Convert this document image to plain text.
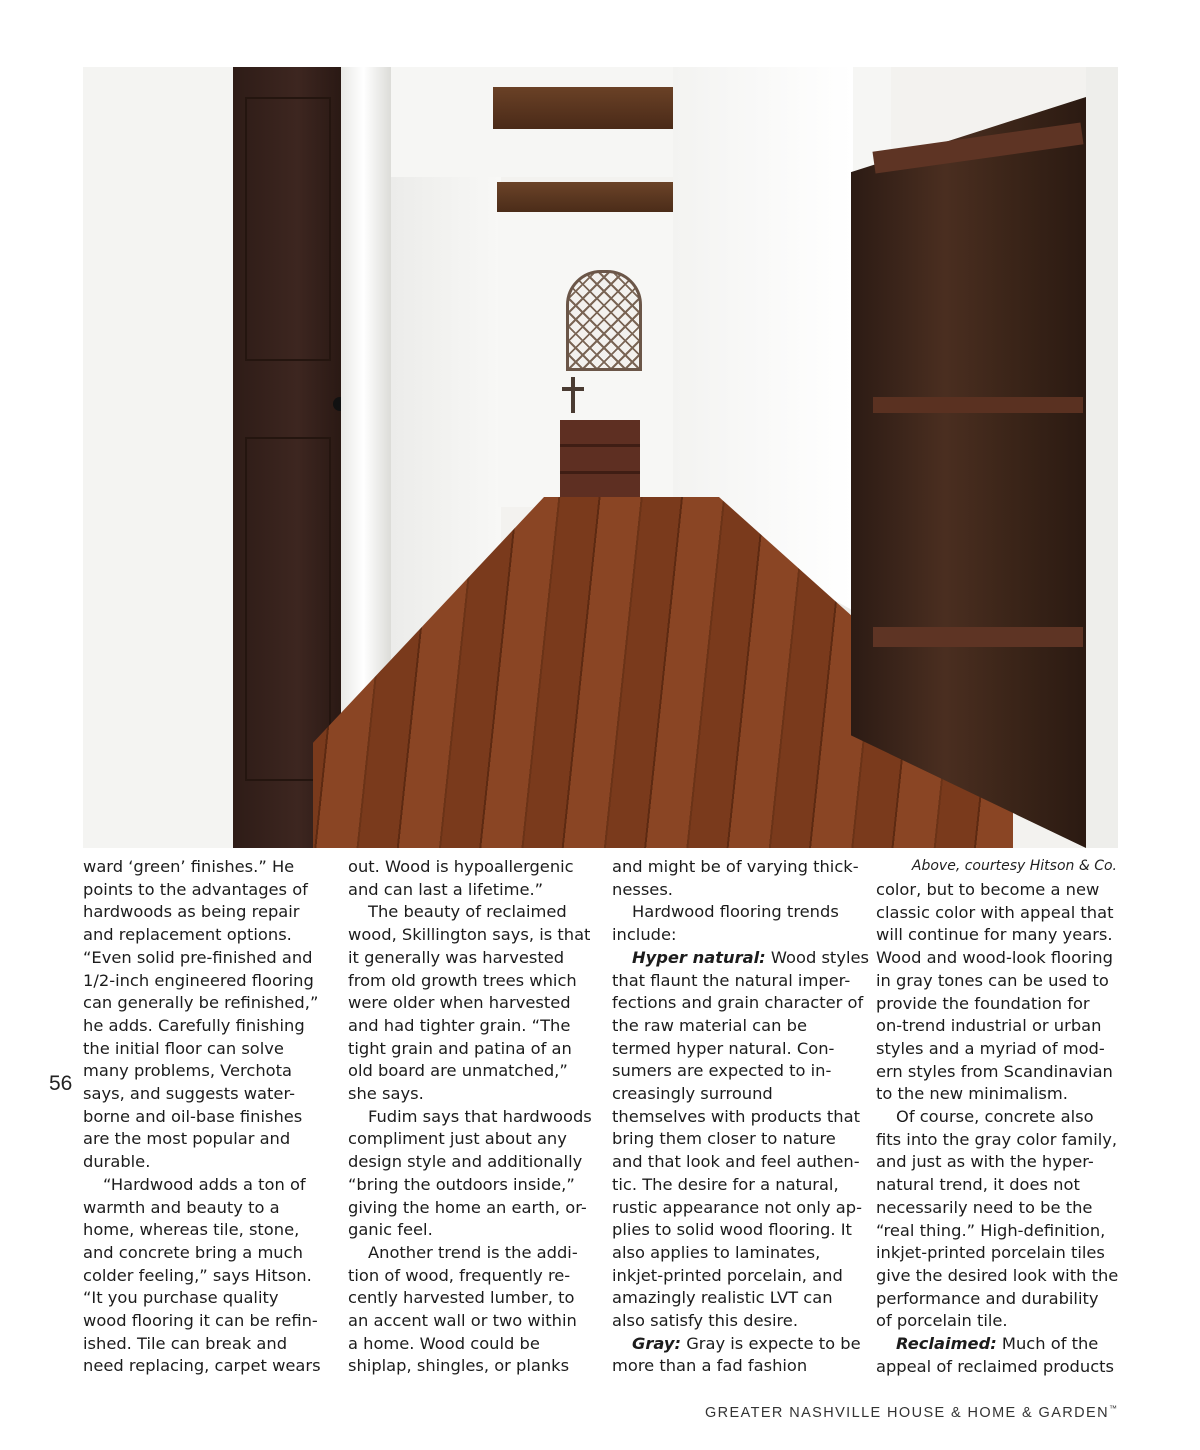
Above, courtesy Hitson & Co.
56
ward ‘green’ finishes.” He
points to the advantages of
hardwoods as being repair
and replacement options.
“Even solid pre-finished and
1/2-inch engineered flooring
can generally be refinished,”
he adds. Carefully finishing
the initial floor can solve
many problems, Verchota
says, and suggests water-
borne and oil-base finishes
are the most popular and
durable.
“Hardwood adds a ton of
warmth and beauty to a
home, whereas tile, stone,
and concrete bring a much
colder feeling,” says Hitson.
“It you purchase quality
wood flooring it can be refin-
ished. Tile can break and
need replacing, carpet wears
out. Wood is hypoallergenic
and can last a lifetime.”
The beauty of reclaimed
wood, Skillington says, is that
it generally was harvested
from old growth trees which
were older when harvested
and had tighter grain. “The
tight grain and patina of an
old board are unmatched,”
she says.
Fudim says that hardwoods
compliment just about any
design style and additionally
“bring the outdoors inside,”
giving the home an earth, or-
ganic feel.
Another trend is the addi-
tion of wood, frequently re-
cently harvested lumber, to
an accent wall or two within
a home. Wood could be
shiplap, shingles, or planks
and might be of varying thick-
nesses.
Hardwood flooring trends
include:
Hyper natural: Wood styles
that flaunt the natural imper-
fections and grain character of
the raw material can be
termed hyper natural. Con-
sumers are expected to in-
creasingly surround
themselves with products that
bring them closer to nature
and that look and feel authen-
tic. The desire for a natural,
rustic appearance not only ap-
plies to solid wood flooring. It
also applies to laminates,
inkjet-printed porcelain, and
amazingly realistic LVT can
also satisfy this desire.
Gray: Gray is expecte to be
more than a fad fashion
color, but to become a new
classic color with appeal that
will continue for many years.
Wood and wood-look flooring
in gray tones can be used to
provide the foundation for
on-trend industrial or urban
styles and a myriad of mod-
ern styles from Scandinavian
to the new minimalism.
Of course, concrete also
fits into the gray color family,
and just as with the hyper-
natural trend, it does not
necessarily need to be the
“real thing.” High-definition,
inkjet-printed porcelain tiles
give the desired look with the
performance and durability
of porcelain tile.
Reclaimed: Much of the
appeal of reclaimed products
GREATER NASHVILLE HOUSE & HOME & GARDEN™
